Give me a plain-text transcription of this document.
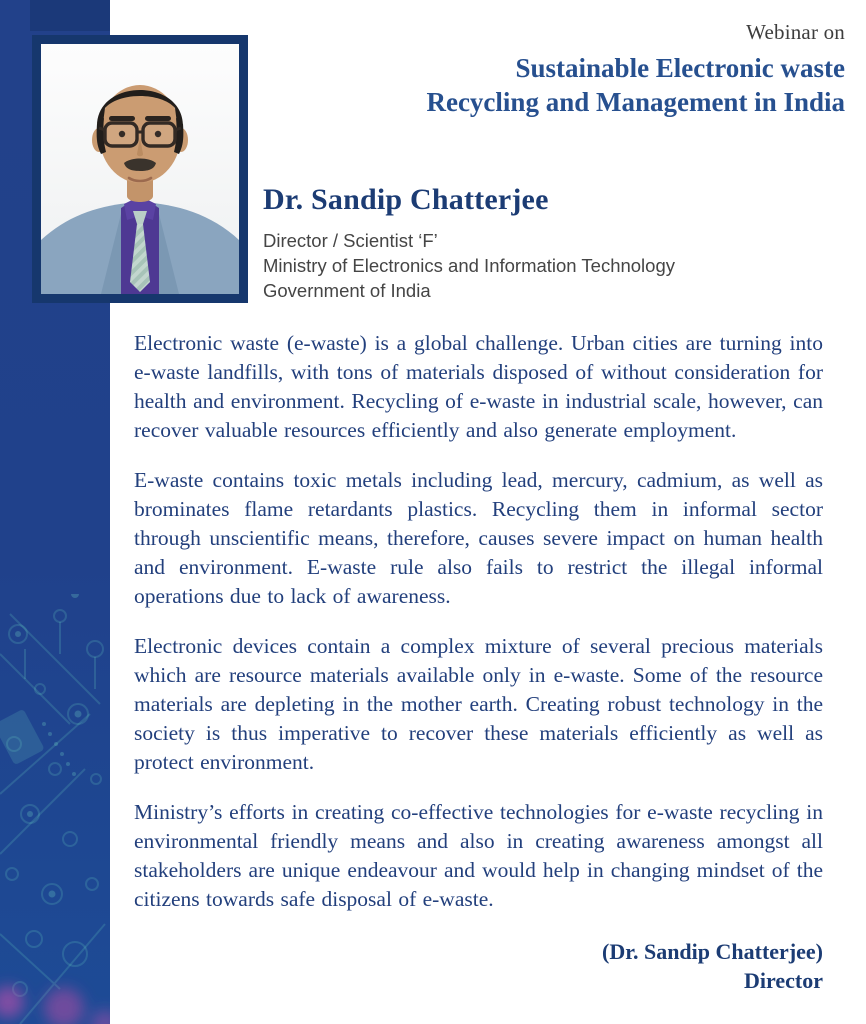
Webinar on
Sustainable Electronic waste
Recycling and Management in India
Dr. Sandip Chatterjee
Director / Scientist ‘F’
Ministry of Electronics and Information Technology
Government of India

Electronic waste (e-waste) is a global challenge. Urban cities are turning into e-waste landfills, with tons of materials disposed of without consideration for health and environment. Recycling of e-waste in industrial scale, however, can recover valuable resources efficiently and also generate employment.

E-waste contains toxic metals including lead, mercury, cadmium, as well as brominates flame retardants plastics. Recycling them in informal sector through unscientific means, therefore, causes severe impact on human health and environment. E-waste rule also fails to restrict the illegal informal operations due to lack of awareness.

Electronic devices contain a complex mixture of several precious materials which are resource materials available only in e-waste. Some of the resource materials are depleting in the mother earth. Creating robust technology in the society is thus imperative to recover these materials efficiently as well as protect environment.

Ministry’s efforts in creating co-effective technologies for e-waste recycling in environmental friendly means and also in creating awareness amongst all stakeholders are unique endeavour and would help in changing mindset of the citizens towards safe disposal of e-waste.

(Dr. Sandip Chatterjee)
Director
